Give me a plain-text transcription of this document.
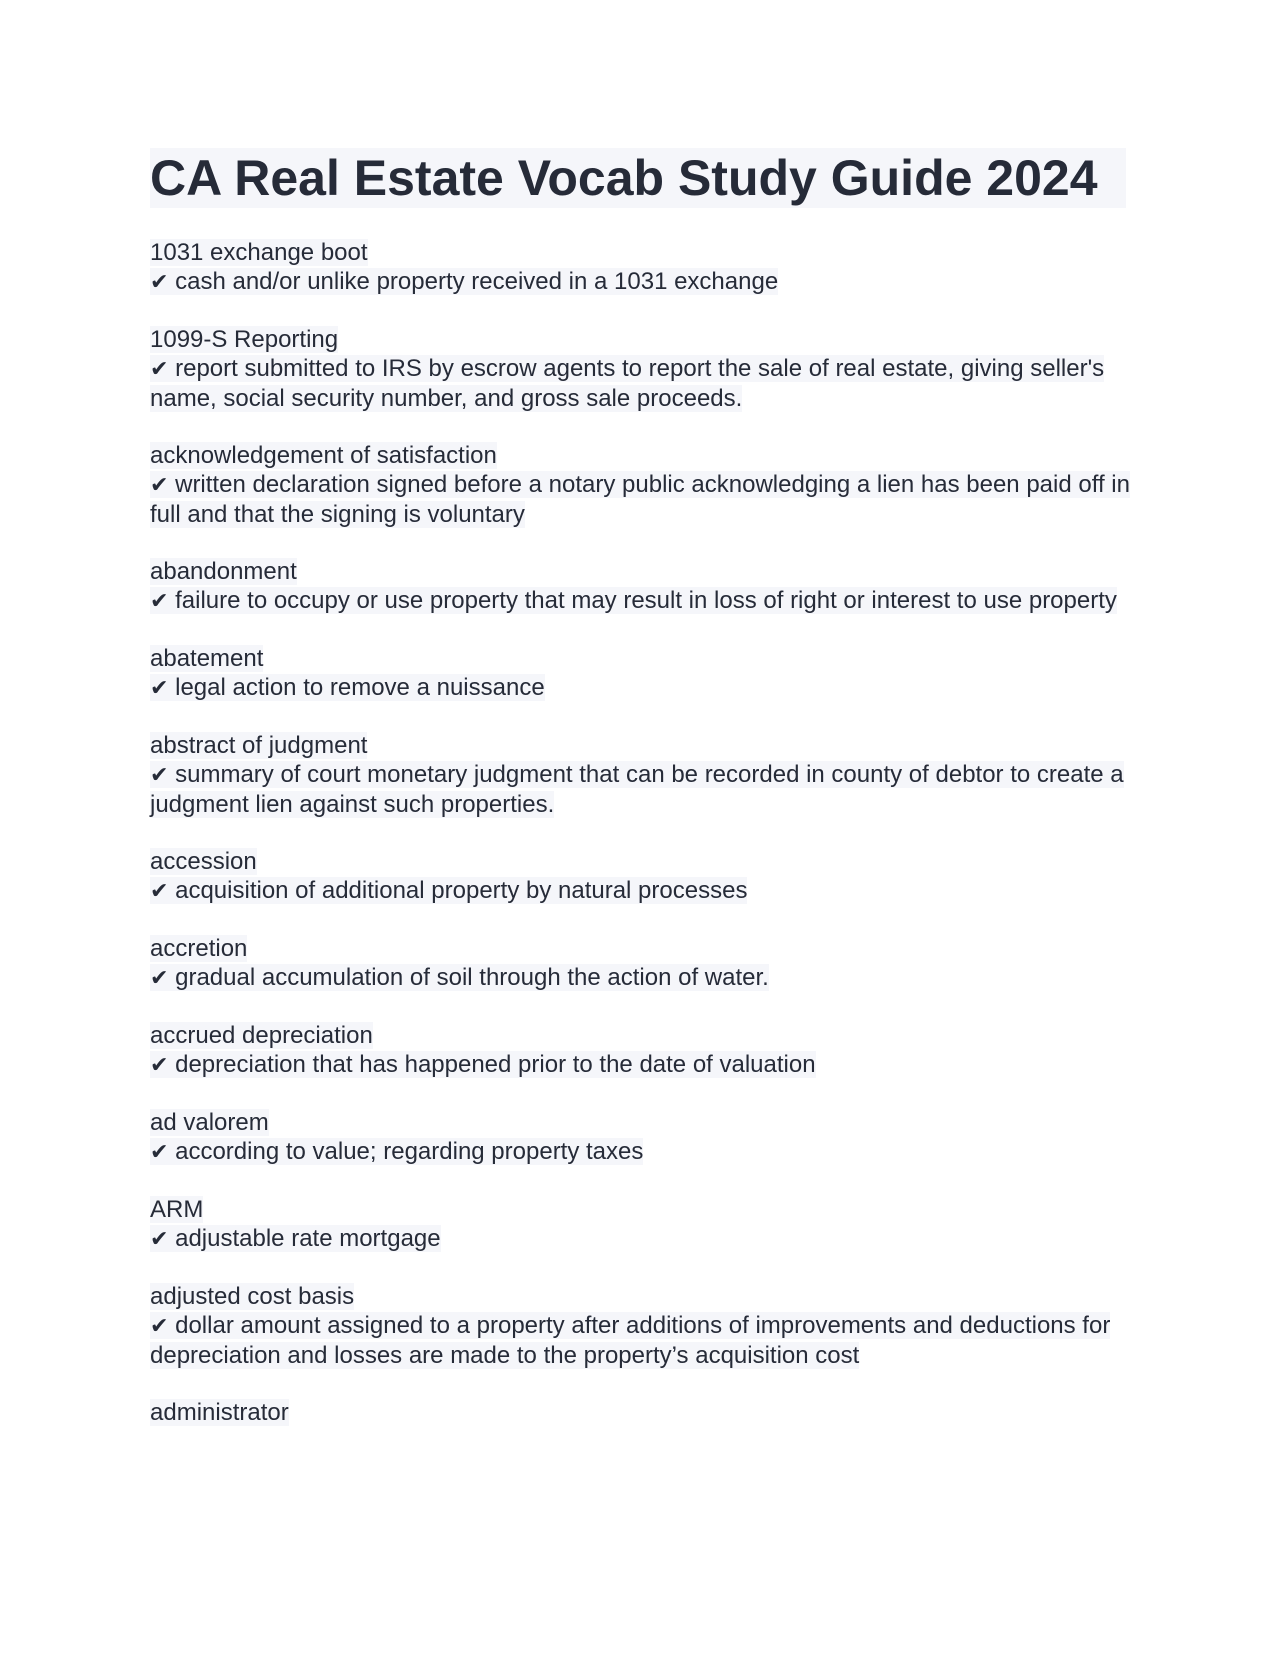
CA Real Estate Vocab Study Guide 2024

1031 exchange boot

✔ cash and/or unlike property received in a 1031 exchange

1099-S Reporting

✔ report submitted to IRS by escrow agents to report the sale of real estate, giving seller's name, social security number, and gross sale proceeds.

acknowledgement of satisfaction

✔ written declaration signed before a notary public acknowledging a lien has been paid off in full and that the signing is voluntary

abandonment

✔ failure to occupy or use property that may result in loss of right or interest to use property

abatement

✔ legal action to remove a nuissance

abstract of judgment

✔ summary of court monetary judgment that can be recorded in county of debtor to create a judgment lien against such properties.

accession

✔ acquisition of additional property by natural processes

accretion

✔ gradual accumulation of soil through the action of water.

accrued depreciation

✔ depreciation that has happened prior to the date of valuation

ad valorem

✔ according to value; regarding property taxes

ARM

✔ adjustable rate mortgage

adjusted cost basis

✔ dollar amount assigned to a property after additions of improvements and deductions for depreciation and losses are made to the property’s acquisition cost

administrator
